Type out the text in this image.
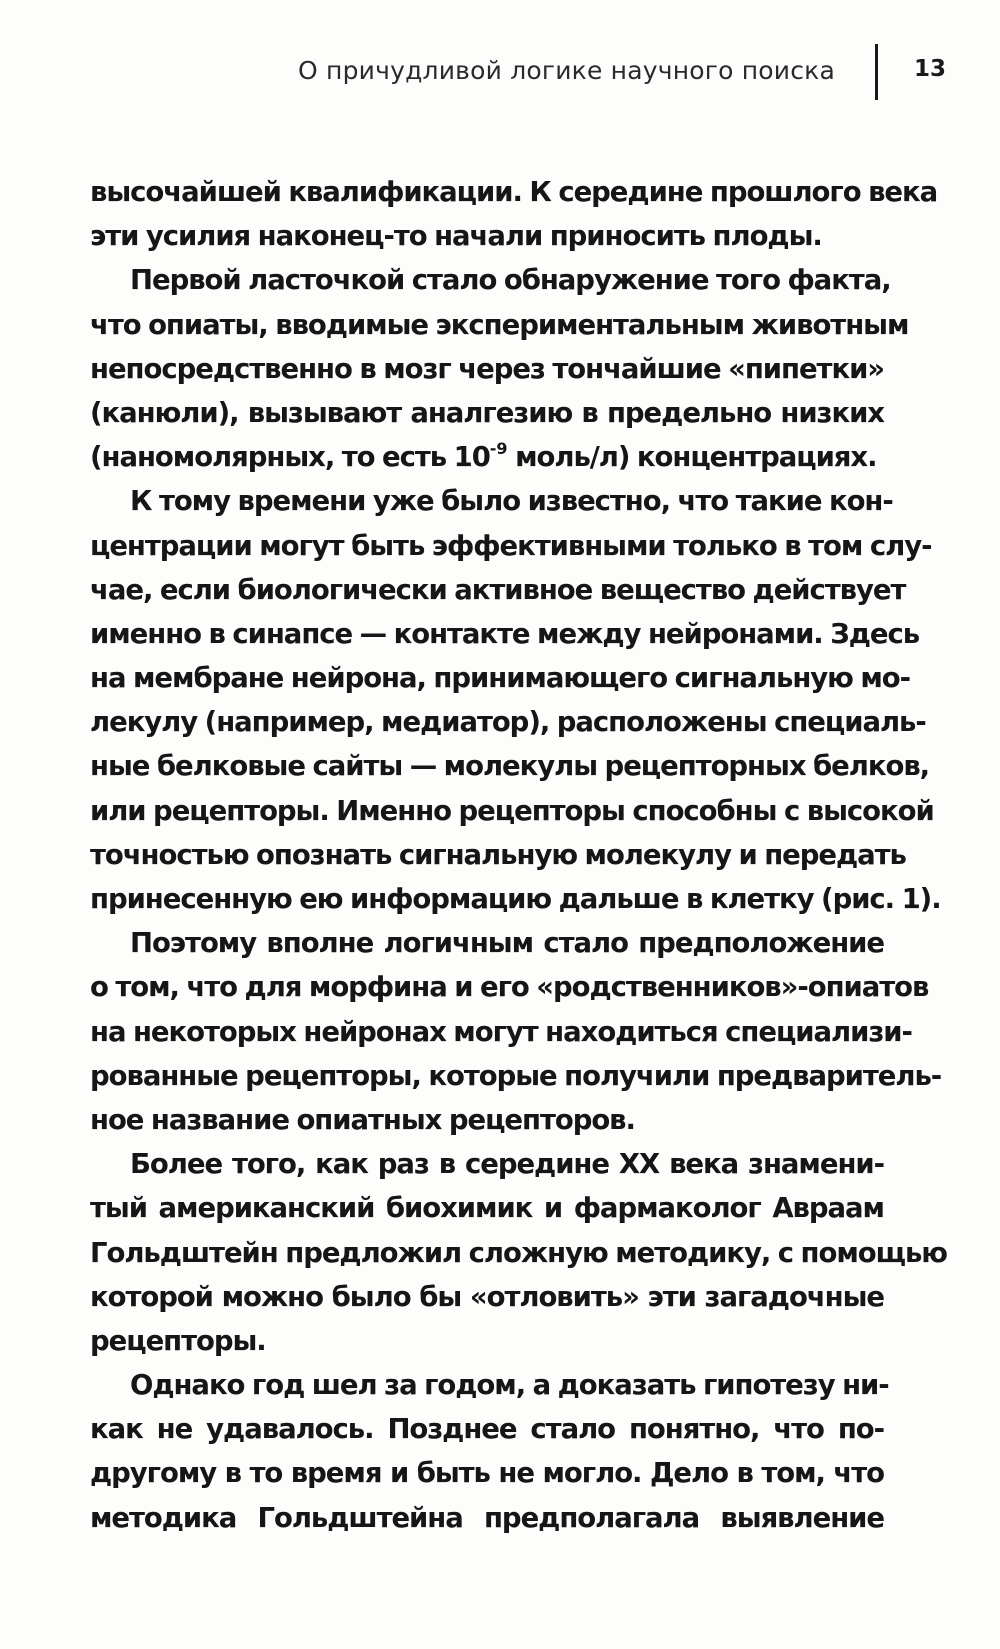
О причудливой логике научного поиска	13
высочайшей квалификации. К середине прошлого века
эти усилия наконец-то начали приносить плоды.
Первой ласточкой стало обнаружение того факта,
что опиаты, вводимые экспериментальным животным
непосредственно в мозг через тончайшие «пипетки»
(канюли), вызывают аналгезию в предельно низких
(наномолярных, то есть $10^{-9}$ моль/л) концентрациях.
К тому времени уже было известно, что такие кон-
центрации могут быть эффективными только в том слу-
чае, если биологически активное вещество действует
именно в синапсе — контакте между нейронами. Здесь
на мембране нейрона, принимающего сигнальную мо-
лекулу (например, медиатор), расположены специаль-
ные белковые сайты — молекулы рецепторных белков,
или рецепторы. Именно рецепторы способны с высокой
точностью опознать сигнальную молекулу и передать
принесенную ею информацию дальше в клетку (рис. 1).
Поэтому вполне логичным стало предположение
о том, что для морфина и его «родственников»-опиатов
на некоторых нейронах могут находиться специализи-
рованные рецепторы, которые получили предваритель-
ное название опиатных рецепторов.
Более того, как раз в середине XX века знамени-
тый американский биохимик и фармаколог Авраам
Гольдштейн предложил сложную методику, с помощью
которой можно было бы «отловить» эти загадочные
рецепторы.
Однако год шел за годом, а доказать гипотезу ни-
как не удавалось. Позднее стало понятно, что по-
другому в то время и быть не могло. Дело в том, что
методика Гольдштейна предполагала выявление
